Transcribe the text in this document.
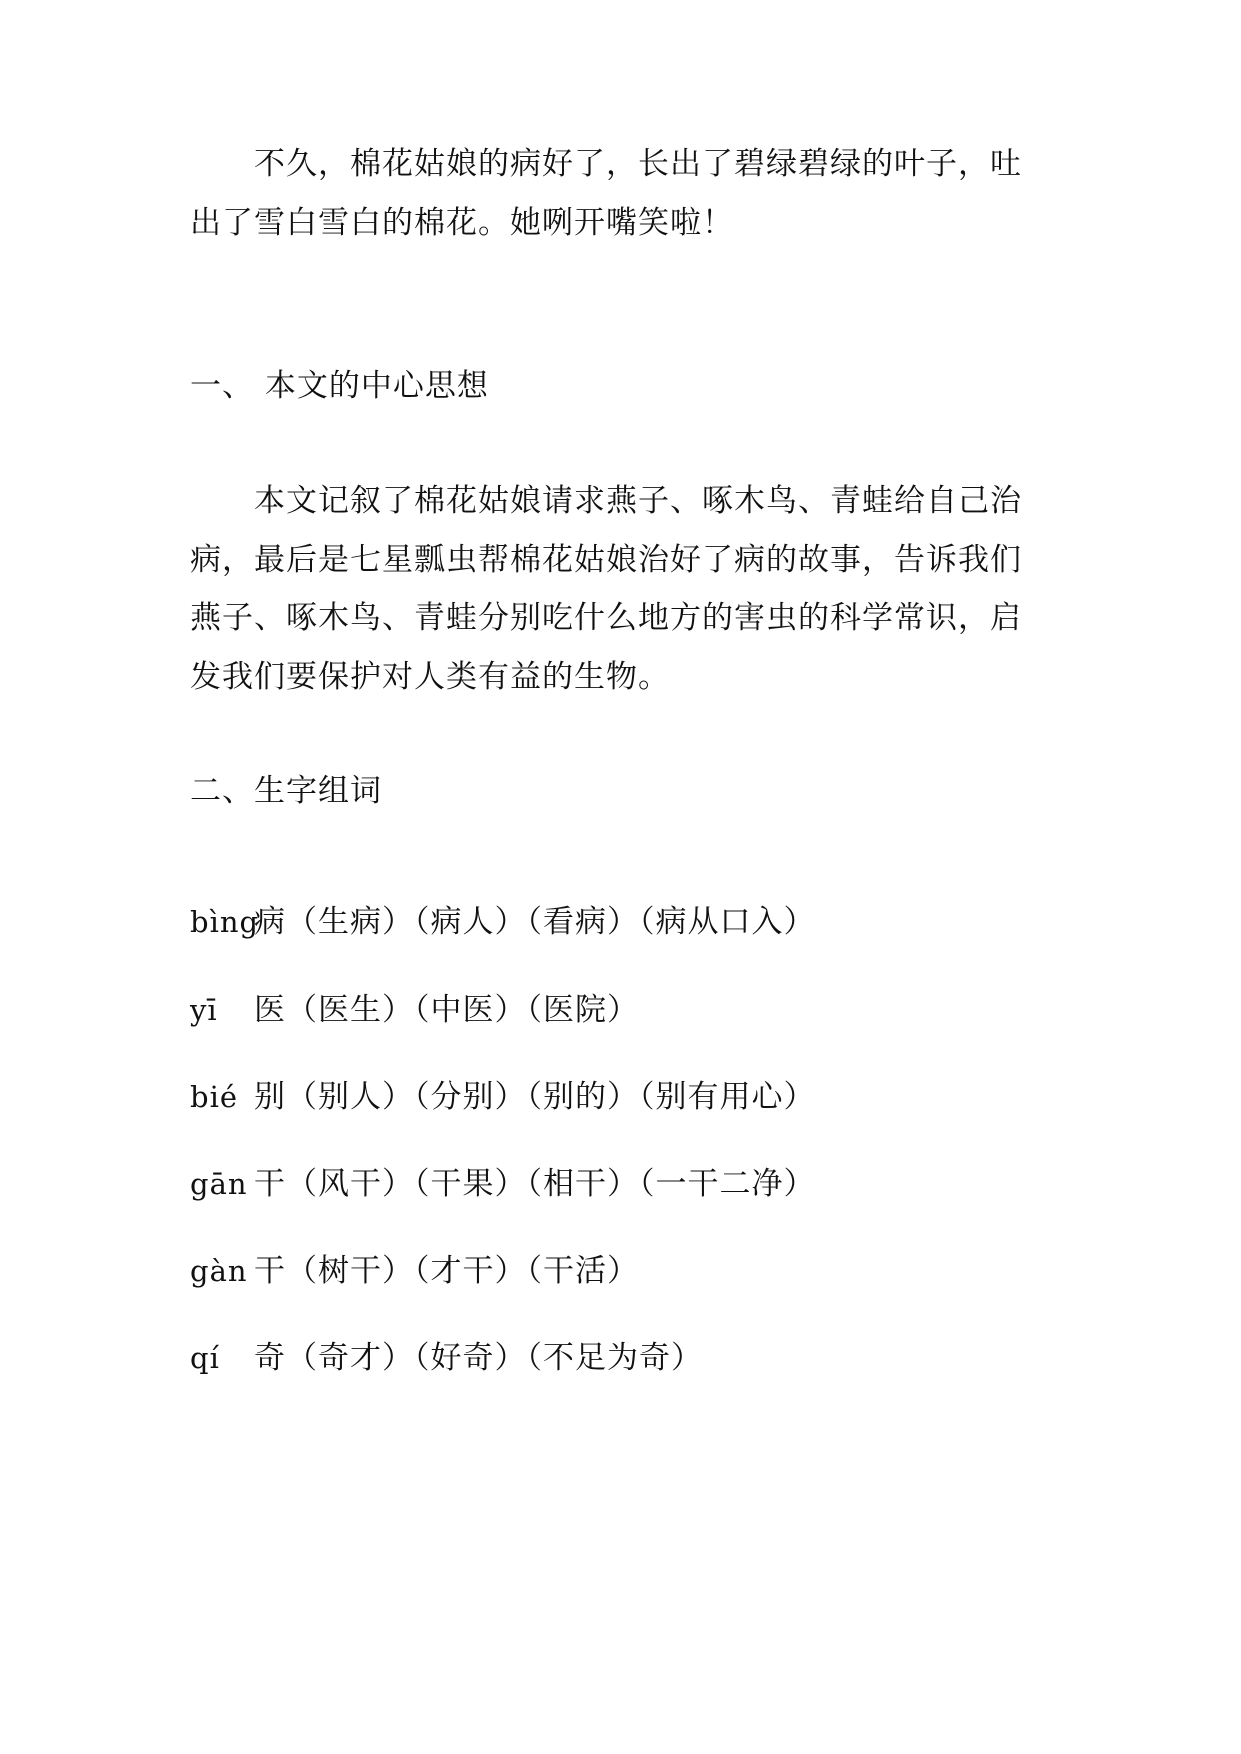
不久，棉花姑娘的病好了，长出了碧绿碧绿的叶子，吐
出了雪白雪白的棉花。她咧开嘴笑啦！
一、 本文的中心思想
本文记叙了棉花姑娘请求燕子、啄木鸟、青蛙给自己治
病，最后是七星瓢虫帮棉花姑娘治好了病的故事，告诉我们
燕子、啄木鸟、青蛙分别吃什么地方的害虫的科学常识，启
发我们要保护对人类有益的生物。
二、生字组词
bìng病（生病）（病人）（看病）（病从口入）
yī 医（医生）（中医）（医院）
bié 别（别人）（分别）（别的）（别有用心）
gān 干（风干）（干果）（相干）（一干二净）
gàn 干（树干）（才干）（干活）
qí 奇（奇才）（好奇）（不足为奇）
